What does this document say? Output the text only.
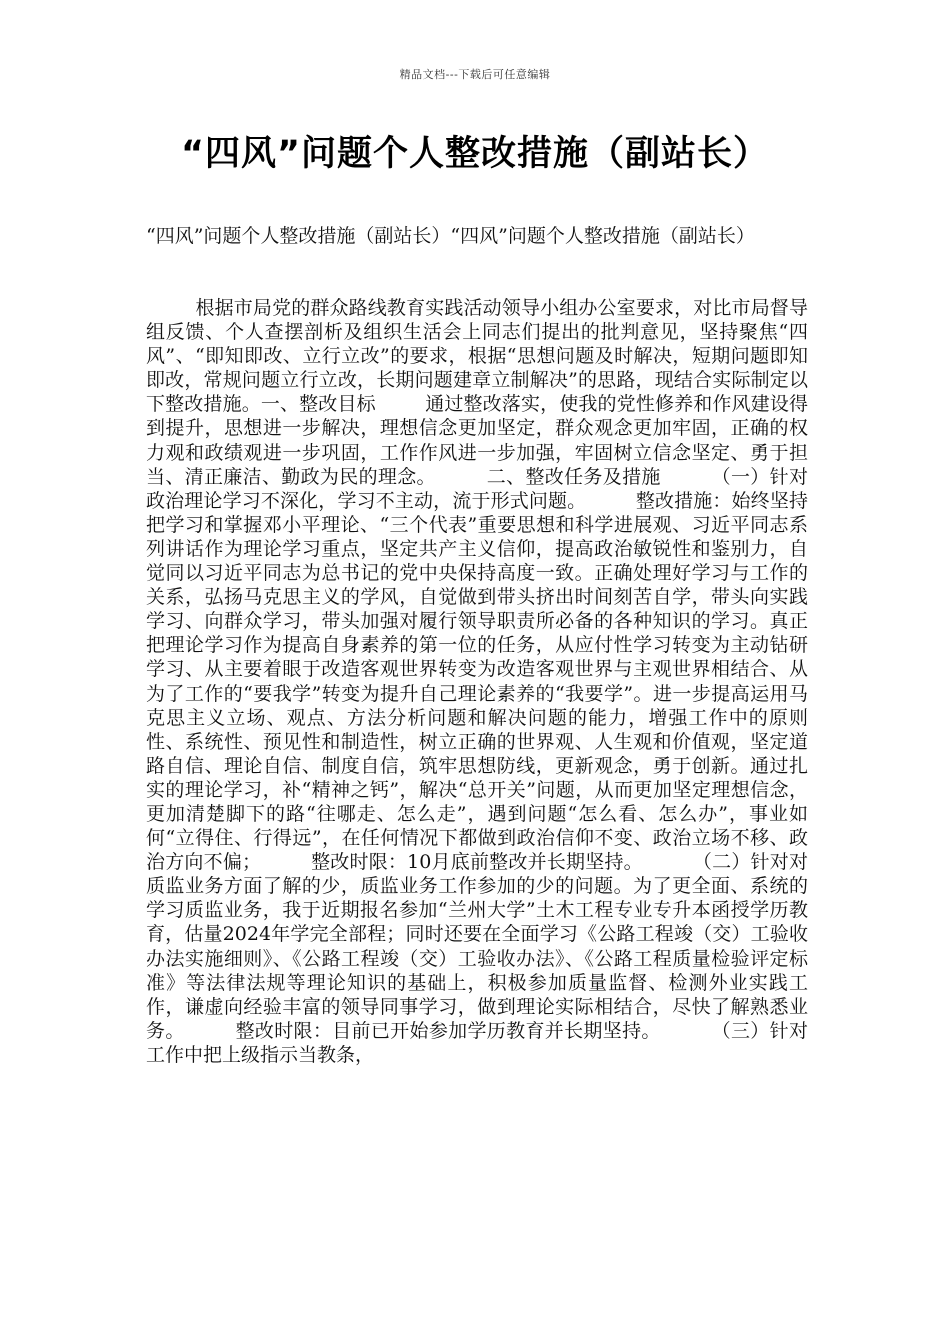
精品文档---下载后可任意编辑
“四风”问题个人整改措施（副站长）

“四风”问题个人整改措施（副站长）“四风”问题个人整改措施（副站长）

根据市局党的群众路线教育实践活动领导小组办公室要求，对比市局督导组反馈、个人查摆剖析及组织生活会上同志们提出的批判意见，坚持聚焦“四风”、“即知即改、立行立改”的要求，根据“思想问题及时解决，短期问题即知即改，常规问题立行立改，长期问题建章立制解决”的思路，现结合实际制定以下整改措施。一、整改目标	通过整改落实，使我的党性修养和作风建设得到提升，思想进一步解决，理想信念更加坚定，群众观念更加牢固，正确的权力观和政绩观进一步巩固，工作作风进一步加强，牢固树立信念坚定、勇于担当、清正廉洁、勤政为民的理念。	二、整改任务及措施	（一）针对政治理论学习不深化，学习不主动，流于形式问题。	整改措施：始终坚持把学习和掌握邓小平理论、“三个代表”重要思想和科学进展观、习近平同志系列讲话作为理论学习重点，坚定共产主义信仰，提高政治敏锐性和鉴别力，自觉同以习近平同志为总书记的党中央保持高度一致。正确处理好学习与工作的关系，弘扬马克思主义的学风，自觉做到带头挤出时间刻苦自学，带头向实践学习、向群众学习，带头加强对履行领导职责所必备的各种知识的学习。真正把理论学习作为提高自身素养的第一位的任务，从应付性学习转变为主动钻研学习、从主要着眼于改造客观世界转变为改造客观世界与主观世界相结合、从为了工作的“要我学”转变为提升自己理论素养的“我要学”。进一步提高运用马克思主义立场、观点、方法分析问题和解决问题的能力，增强工作中的原则性、系统性、预见性和制造性，树立正确的世界观、人生观和价值观，坚定道路自信、理论自信、制度自信，筑牢思想防线，更新观念，勇于创新。通过扎实的理论学习，补“精神之钙”，解决“总开关”问题，从而更加坚定理想信念，更加清楚脚下的路“往哪走、怎么走”，遇到问题“怎么看、怎么办”，事业如何“立得住、行得远”，在任何情况下都做到政治信仰不变、政治立场不移、政治方向不偏；	整改时限：10月底前整改并长期坚持。	（二）针对对质监业务方面了解的少，质监业务工作参加的少的问题。为了更全面、系统的学习质监业务，我于近期报名参加“兰州大学”土木工程专业专升本函授学历教育，估量2024年学完全部程；同时还要在全面学习《公路工程竣（交）工验收办法实施细则》、《公路工程竣（交）工验收办法》、《公路工程质量检验评定标准》等法律法规等理论知识的基础上，积极参加质量监督、检测外业实践工作，谦虚向经验丰富的领导同事学习，做到理论实际相结合，尽快了解熟悉业务。	整改时限：目前已开始参加学历教育并长期坚持。	（三）针对工作中把上级指示当教条，
